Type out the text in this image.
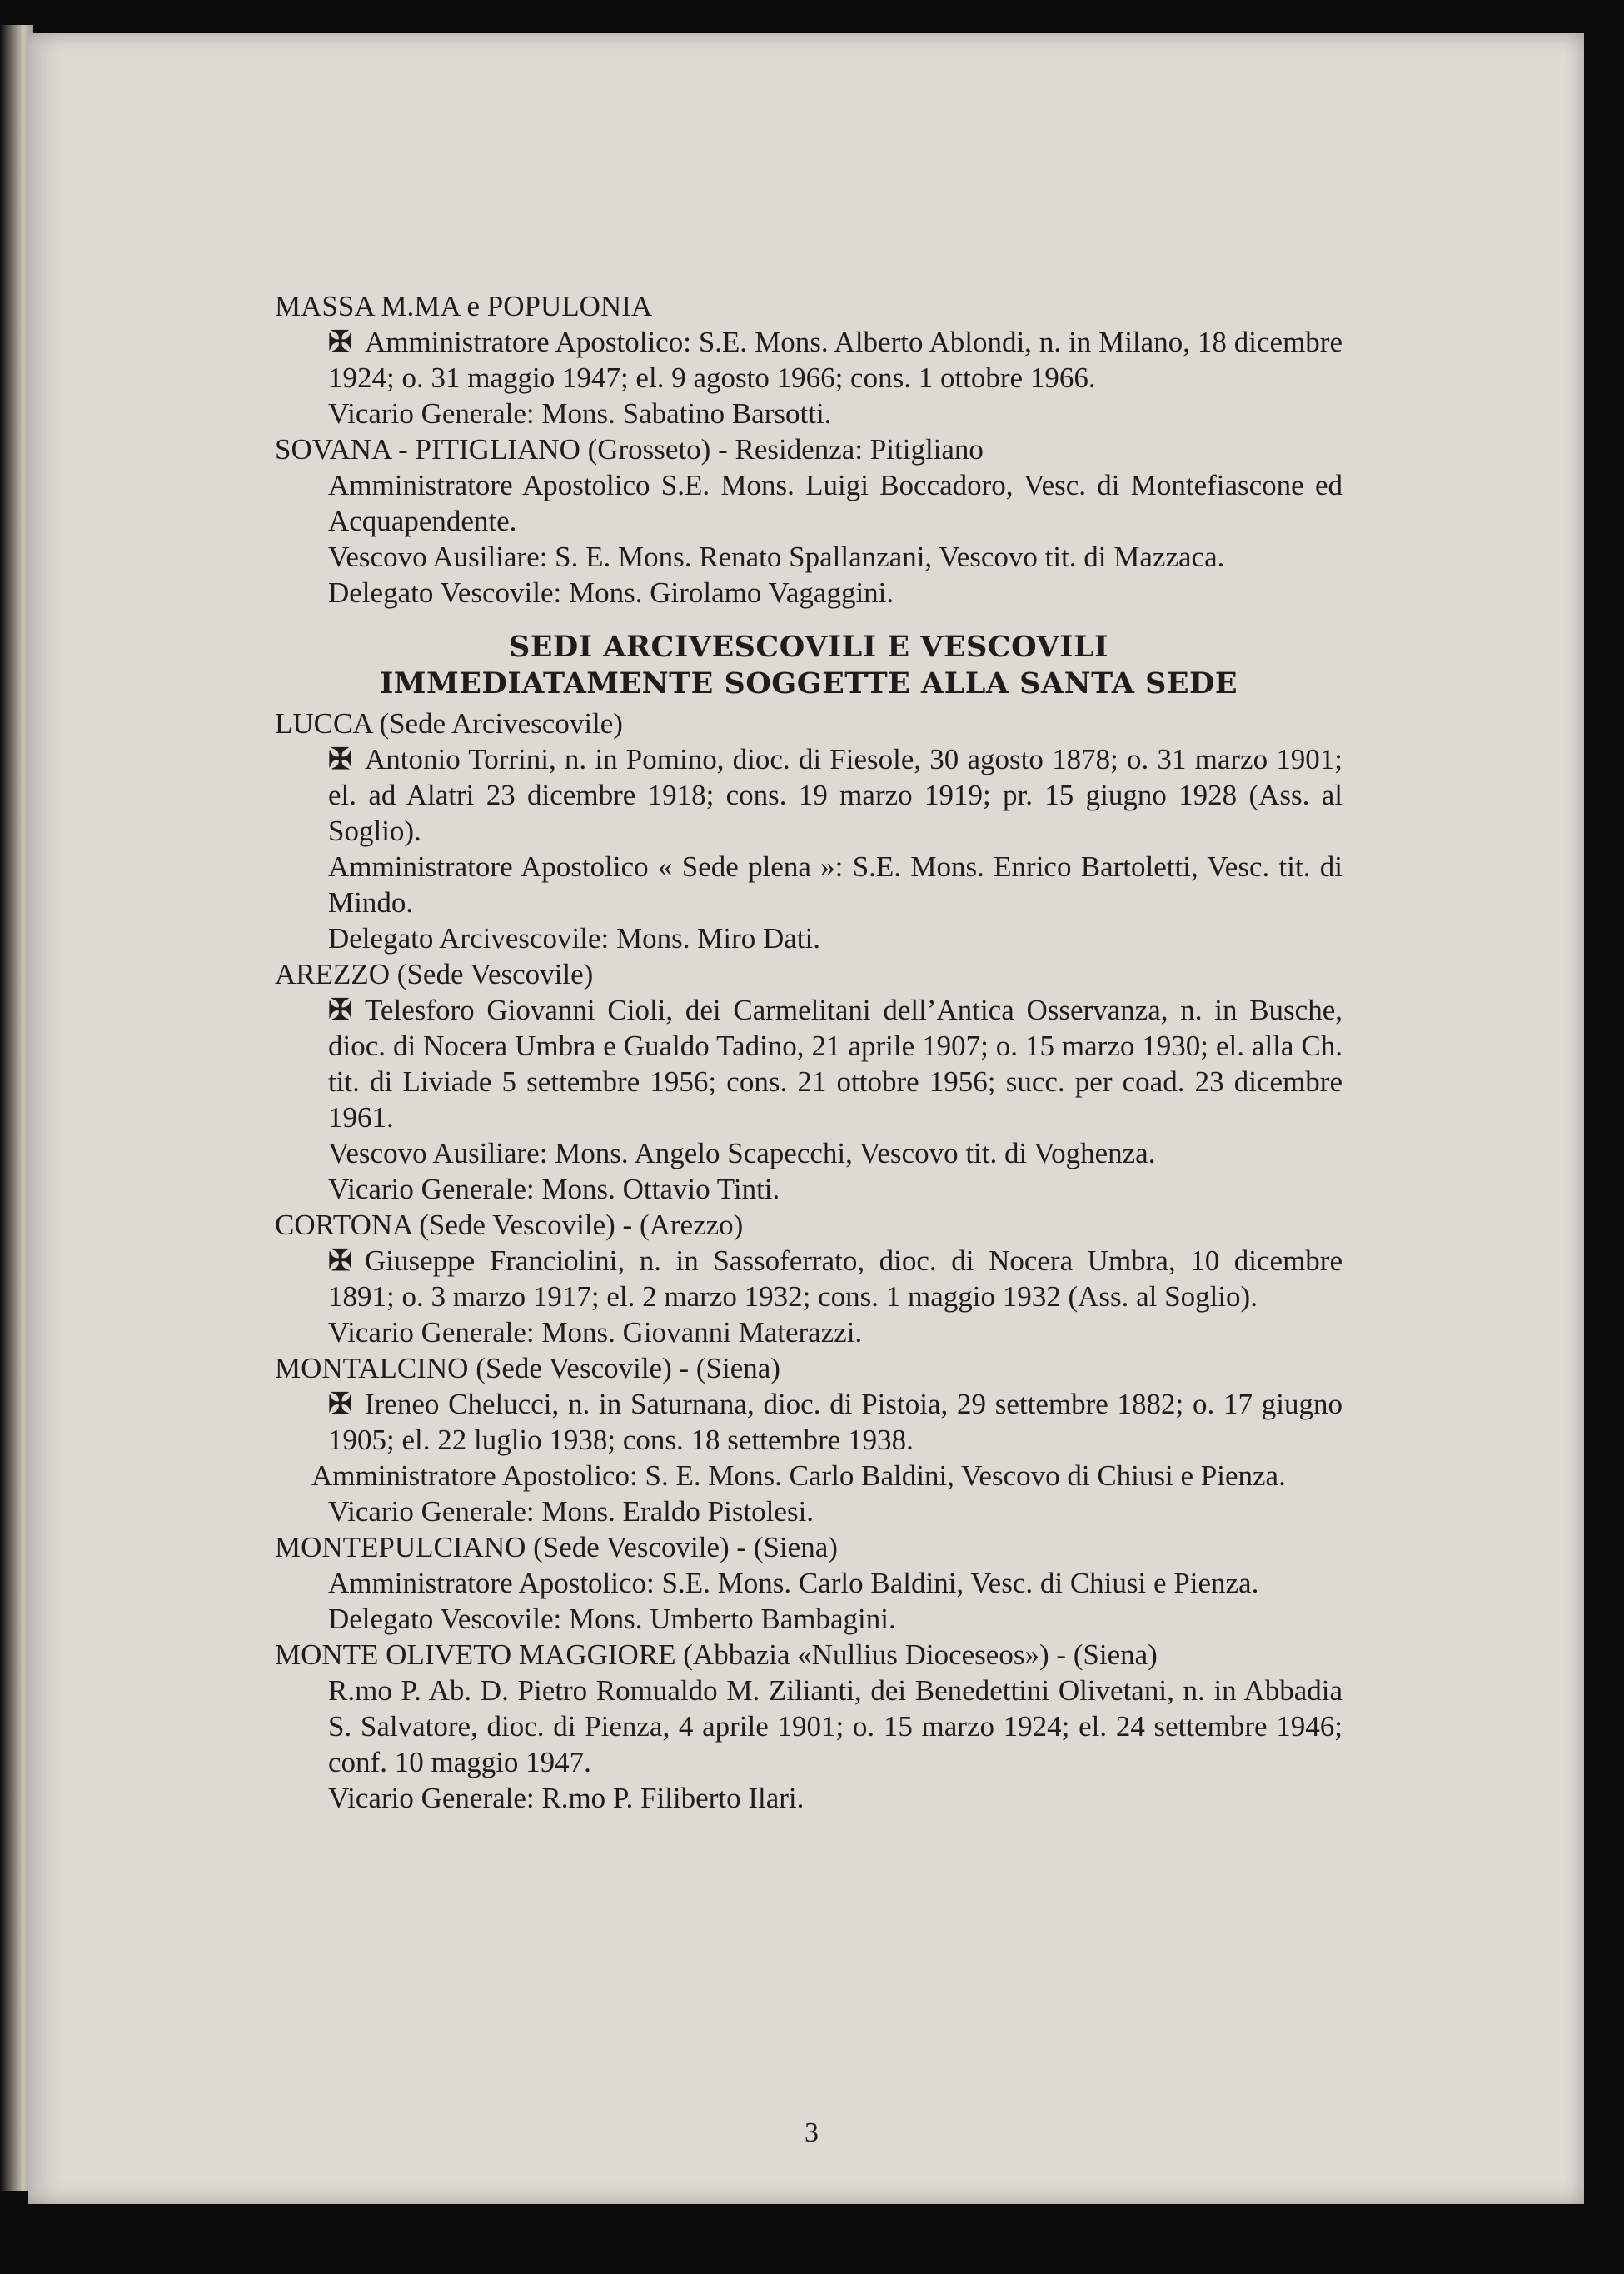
MASSA M.MA e POPULONIA
✠ Amministratore Apostolico: S.E. Mons. Alberto Ablondi, n. in Milano, 18 dicembre 1924; o. 31 maggio 1947; el. 9 agosto 1966; cons. 1 ottobre 1966.
Vicario Generale: Mons. Sabatino Barsotti.
SOVANA - PITIGLIANO (Grosseto) - Residenza: Pitigliano
Amministratore Apostolico S.E. Mons. Luigi Boccadoro, Vesc. di Montefiascone ed Acquapendente.
Vescovo Ausiliare: S. E. Mons. Renato Spallanzani, Vescovo tit. di Mazzaca.
Delegato Vescovile: Mons. Girolamo Vagaggini.
SEDI ARCIVESCOVILI E VESCOVILI
IMMEDIATAMENTE SOGGETTE ALLA SANTA SEDE
LUCCA (Sede Arcivescovile)
✠ Antonio Torrini, n. in Pomino, dioc. di Fiesole, 30 agosto 1878; o. 31 marzo 1901; el. ad Alatri 23 dicembre 1918; cons. 19 marzo 1919; pr. 15 giugno 1928 (Ass. al Soglio).
Amministratore Apostolico « Sede plena »: S.E. Mons. Enrico Bartoletti, Vesc. tit. di Mindo.
Delegato Arcivescovile: Mons. Miro Dati.
AREZZO (Sede Vescovile)
✠ Telesforo Giovanni Cioli, dei Carmelitani dell’Antica Osservanza, n. in Busche, dioc. di Nocera Umbra e Gualdo Tadino, 21 aprile 1907; o. 15 marzo 1930; el. alla Ch. tit. di Liviade 5 settembre 1956; cons. 21 ottobre 1956; succ. per coad. 23 dicembre 1961.
Vescovo Ausiliare: Mons. Angelo Scapecchi, Vescovo tit. di Voghenza.
Vicario Generale: Mons. Ottavio Tinti.
CORTONA (Sede Vescovile) - (Arezzo)
✠ Giuseppe Franciolini, n. in Sassoferrato, dioc. di Nocera Umbra, 10 dicembre 1891; o. 3 marzo 1917; el. 2 marzo 1932; cons. 1 maggio 1932 (Ass. al Soglio).
Vicario Generale: Mons. Giovanni Materazzi.
MONTALCINO (Sede Vescovile) - (Siena)
✠ Ireneo Chelucci, n. in Saturnana, dioc. di Pistoia, 29 settembre 1882; o. 17 giugno 1905; el. 22 luglio 1938; cons. 18 settembre 1938.
Amministratore Apostolico: S. E. Mons. Carlo Baldini, Vescovo di Chiusi e Pienza.
Vicario Generale: Mons. Eraldo Pistolesi.
MONTEPULCIANO (Sede Vescovile) - (Siena)
Amministratore Apostolico: S.E. Mons. Carlo Baldini, Vesc. di Chiusi e Pienza.
Delegato Vescovile: Mons. Umberto Bambagini.
MONTE OLIVETO MAGGIORE (Abbazia «Nullius Dioceseos») - (Siena)
R.mo P. Ab. D. Pietro Romualdo M. Zilianti, dei Benedettini Olivetani, n. in Abbadia S. Salvatore, dioc. di Pienza, 4 aprile 1901; o. 15 marzo 1924; el. 24 settembre 1946; conf. 10 maggio 1947.
Vicario Generale: R.mo P. Filiberto Ilari.
3
